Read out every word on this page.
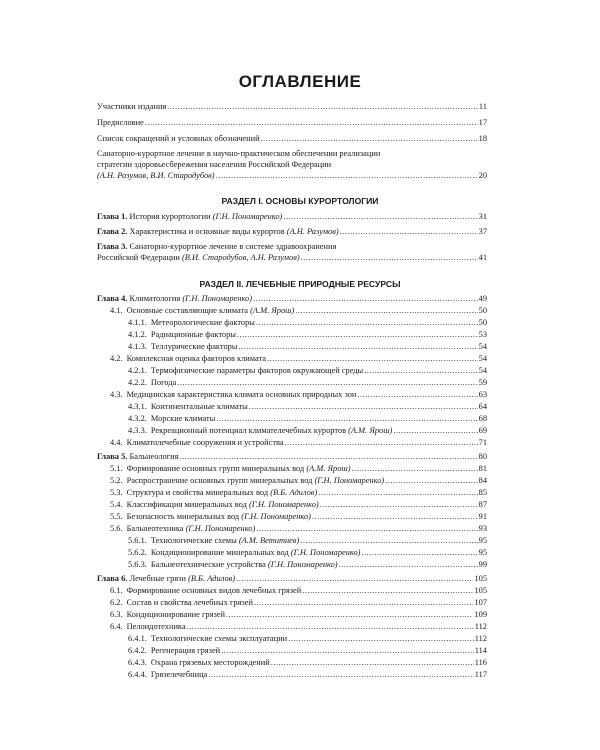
ОГЛАВЛЕНИЕ
Участники издания .....	11
Предисловие .....	17
Список сокращений и условных обозначений .....	18
Санаторно-курортное лечение в научно-практическом обеспечении реализации
стратегии здоровьесбережения населения Российской Федерации
(А.Н. Разумов, В.И. Стародубов) .....	20
РАЗДЕЛ I. ОСНОВЫ КУРОРТОЛОГИИ
Глава 1. История курортологии (Г.Н. Пономаренко) .....	31
Глава 2. Характеристика и основные виды курортов (А.Н. Разумов) .....	37
Глава 3. Санаторно-курортное лечение в системе здравоохранения
Российской Федерации (В.И. Стародубов, А.Н. Разумов) .....	41
РАЗДЕЛ II. ЛЕЧЕБНЫЕ ПРИРОДНЫЕ РЕСУРСЫ
Глава 4. Климатология (Г.Н. Пономаренко) .....	49
4.1. Основные составляющие климата (А.М. Ярош) .....	50
4.1.1. Метеорологические факторы .....	50
4.1.2. Радиационные факторы .....	53
4.1.3. Теллурические факторы .....	54
4.2. Комплексная оценка факторов климата .....	54
4.2.1. Термофизические параметры факторов окружающей среды .....	54
4.2.2. Погода .....	59
4.3. Медицинская характеристика климата основных природных зон .....	63
4.3.1. Континентальные климаты .....	64
4.3.2. Морские климаты .....	68
4.3.3. Рекреационный потенциал климателечебных курортов (А.М. Ярош) .....	69
4.4. Климатолечебные сооружения и устройства .....	71
Глава 5. Бальнеология .....	80
5.1. Формирование основных групп минеральных вод (А.М. Ярош) .....	81
5.2. Распространение основных групп минеральных вод (Г.Н. Пономаренко) .....	84
5.3. Структура и свойства минеральных вод (В.Б. Адилов) .....	85
5.4. Классификация минеральных вод (Г.Н. Пономаренко) .....	87
5.5. Безопасность минеральных вод (Г.Н. Пономаренко) .....	91
5.6. Бальнеотехника (Г.Н. Пономаренко) .....	93
5.6.1. Технологические схемы (А.М. Ветитнев) .....	95
5.6.2. Кондиционирование минеральных вод (Г.Н. Пономаренко) .....	95
5.6.3. Бальнеотехнические устройства (Г.Н. Пономаренко) .....	99
Глава 6. Лечебные грязи (В.Б. Адилов) .....	105
6.1. Формирование основных видов лечебных грязей .....	105
6.2. Состав и свойства лечебных грязей .....	107
6.3. Кондиционирование грязей .....	109
6.4. Пелоидотехника .....	112
6.4.1. Технологические схемы эксплуатации .....	112
6.4.2. Регенерация грязей .....	114
6.4.3. Охрана грязевых месторождений .....	116
6.4.4. Грязелечебница .....	117
